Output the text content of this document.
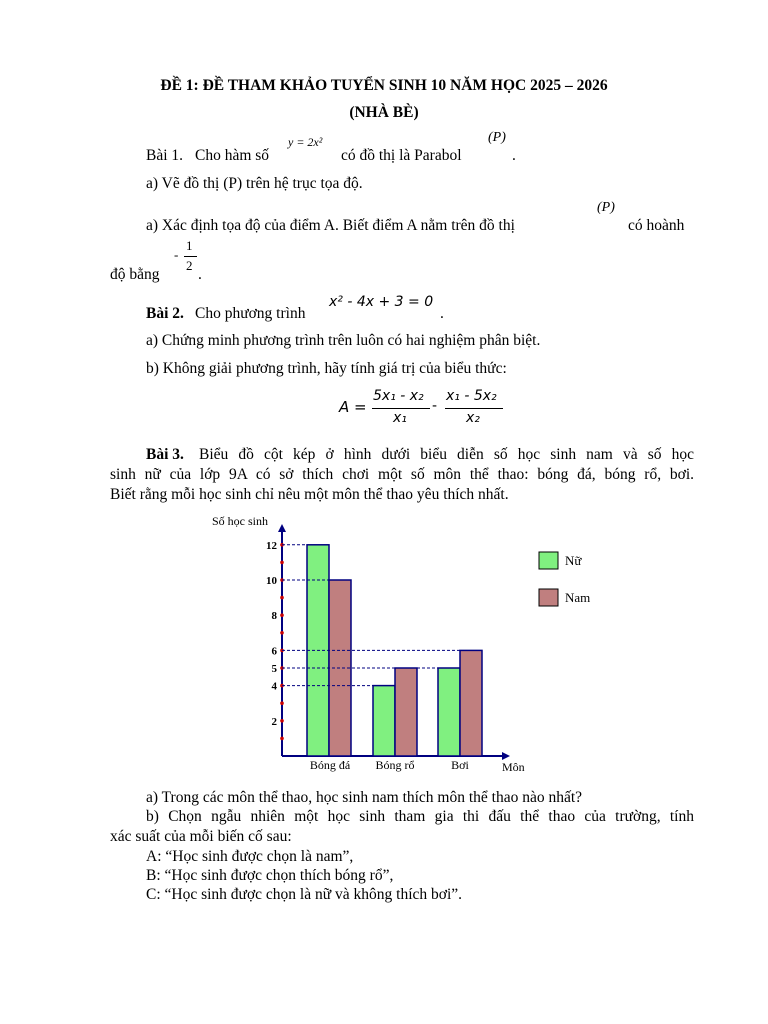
ĐỀ 1: ĐỀ THAM KHẢO TUYỂN SINH 10 NĂM HỌC 2025 – 2026
(NHÀ BÈ)
Bài 1. Cho hàm số
y = 2x²
có đồ thị là Parabol
(P)
.
a) Vẽ đồ thị (P) trên hệ trục tọa độ.
a) Xác định tọa độ của điểm A. Biết điểm A nằm trên đồ thị
(P)
có hoành
-
1
2
độ bằng .
Bài 2. Cho phương trình
x² - 4x + 3 = 0
.
a) Chứng minh phương trình trên luôn có hai nghiệm phân biệt.
b) Không giải phương trình, hãy tính giá trị của biểu thức:
A =
5x₁ - x₂
x₁
-
x₁ - 5x₂
x₂
Bài 3. Biểu đồ cột kép ở hình dưới biểu diễn số học sinh nam và số học
sinh nữ của lớp 9A có sở thích chơi một số môn thể thao: bóng đá, bóng rổ, bơi.
Biết rằng mỗi học sinh chỉ nêu một môn thể thao yêu thích nhất.
Số học sinh
Môn
2
4
5
6
8
10
12
Bóng đá Bóng rổ	Bơi
Nữ
Nam
a) Trong các môn thể thao, học sinh nam thích môn thể thao nào nhất?
b) Chọn ngẫu nhiên một học sinh tham gia thi đấu thể thao của trường, tính
xác suất của mỗi biến cố sau:
A: “Học sinh được chọn là nam”,
B: “Học sinh được chọn thích bóng rổ”,
C: “Học sinh được chọn là nữ và không thích bơi”.
